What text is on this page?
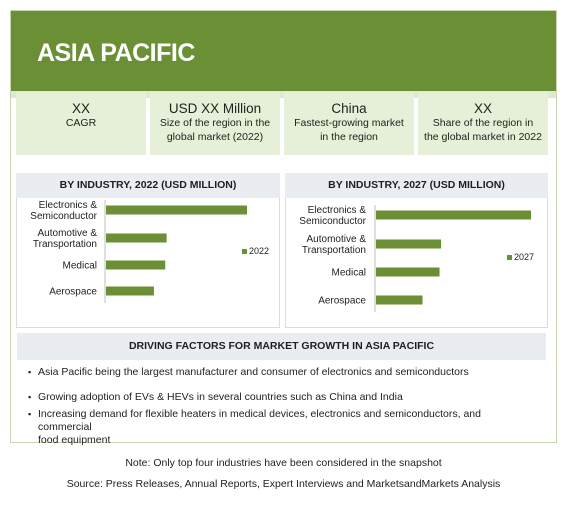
ASIA PACIFIC
XX
CAGR
USD XX Million
Size of the region in the
global market (2022)
China
Fastest-growing market
in the region
XX
Share of the region in
the global market in 2022
BY INDUSTRY, 2022 (USD MILLION)
Electronics & Semiconductor
Automotive & Transportation
Medical
Aerospace
2022
BY INDUSTRY, 2027 (USD MILLION)
Electronics & Semiconductor
Automotive & Transportation
Medical
Aerospace
2027
DRIVING FACTORS FOR MARKET GROWTH IN ASIA PACIFIC
▪ Asia Pacific being the largest manufacturer and consumer of electronics and semiconductors
▪ Growing adoption of EVs & HEVs in several countries such as China and India
▪ Increasing demand for flexible heaters in medical devices, electronics and semiconductors, and commercial
food equipment
Note: Only top four industries have been considered in the snapshot
Source: Press Releases, Annual Reports, Expert Interviews and MarketsandMarkets Analysis
